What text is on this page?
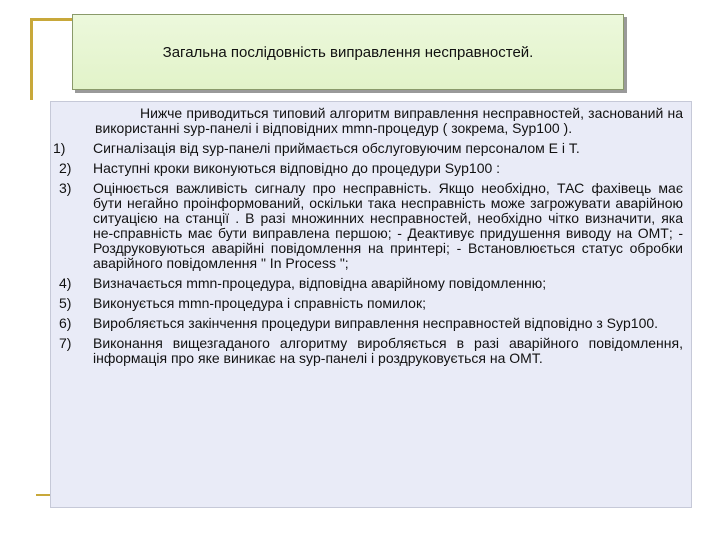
Загальна послідовність виправлення несправностей.
Нижче приводиться типовий алгоритм виправлення несправностей, заснований на використанні syp-панелі і відповідних mmn-процедур ( зокрема, Syp100 ).
1)	Сигналізація від syp-панелі приймається обслуговуючим персоналом Е і Т.
2)	Наступні кроки виконуються відповідно до процедури Syp100 :
3)	Оцінюється важливість сигналу про несправність. Якщо необхідно, ТАС фахівець має бути негайно проінформований, оскільки така несправність може загрожувати аварійною ситуацією на станції . В разі множинних несправностей, необхідно чітко визначити, яка не-справність має бути виправлена першою; - Деактивує придушення виводу на ОМТ; - Роздруковуються аварійні повідомлення на принтері; - Встановлюється статус обробки аварійного повідомлення " In Process ";
4)	Визначається mmn-процедура, відповідна аварійному повідомленню;
5)	Виконується mmn-процедура і справність помилок;
6)	Виробляється закінчення процедури виправлення несправностей відповідно з Syp100.
7)	Виконання вищезгаданого алгоритму виробляється в разі аварійного повідомлення, інформація про яке виникає на syp-панелі і роздруковується на ОМТ.
